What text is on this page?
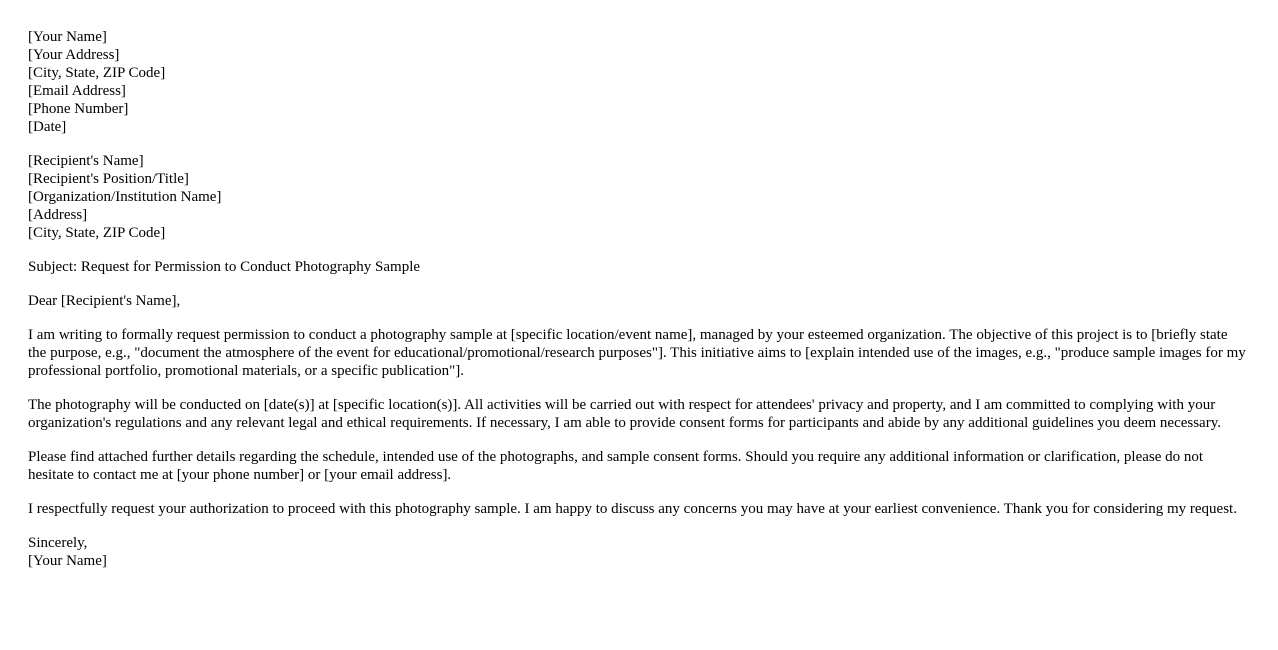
[Your Name]
[Your Address]
[City, State, ZIP Code]
[Email Address]
[Phone Number]
[Date]
[Recipient's Name]
[Recipient's Position/Title]
[Organization/Institution Name]
[Address]
[City, State, ZIP Code]

Subject: Request for Permission to Conduct Photography Sample

Dear [Recipient's Name],

I am writing to formally request permission to conduct a photography sample at [specific location/event name], managed by your esteemed organization. The objective of this project is to [briefly state the purpose, e.g., "document the atmosphere of the event for educational/promotional/research purposes"]. This initiative aims to [explain intended use of the images, e.g., "produce sample images for my professional portfolio, promotional materials, or a specific publication"].

The photography will be conducted on [date(s)] at [specific location(s)]. All activities will be carried out with respect for attendees' privacy and property, and I am committed to complying with your organization's regulations and any relevant legal and ethical requirements. If necessary, I am able to provide consent forms for participants and abide by any additional guidelines you deem necessary.

Please find attached further details regarding the schedule, intended use of the photographs, and sample consent forms. Should you require any additional information or clarification, please do not hesitate to contact me at [your phone number] or [your email address].

I respectfully request your authorization to proceed with this photography sample. I am happy to discuss any concerns you may have at your earliest convenience. Thank you for considering my request.

Sincerely,
[Your Name]
